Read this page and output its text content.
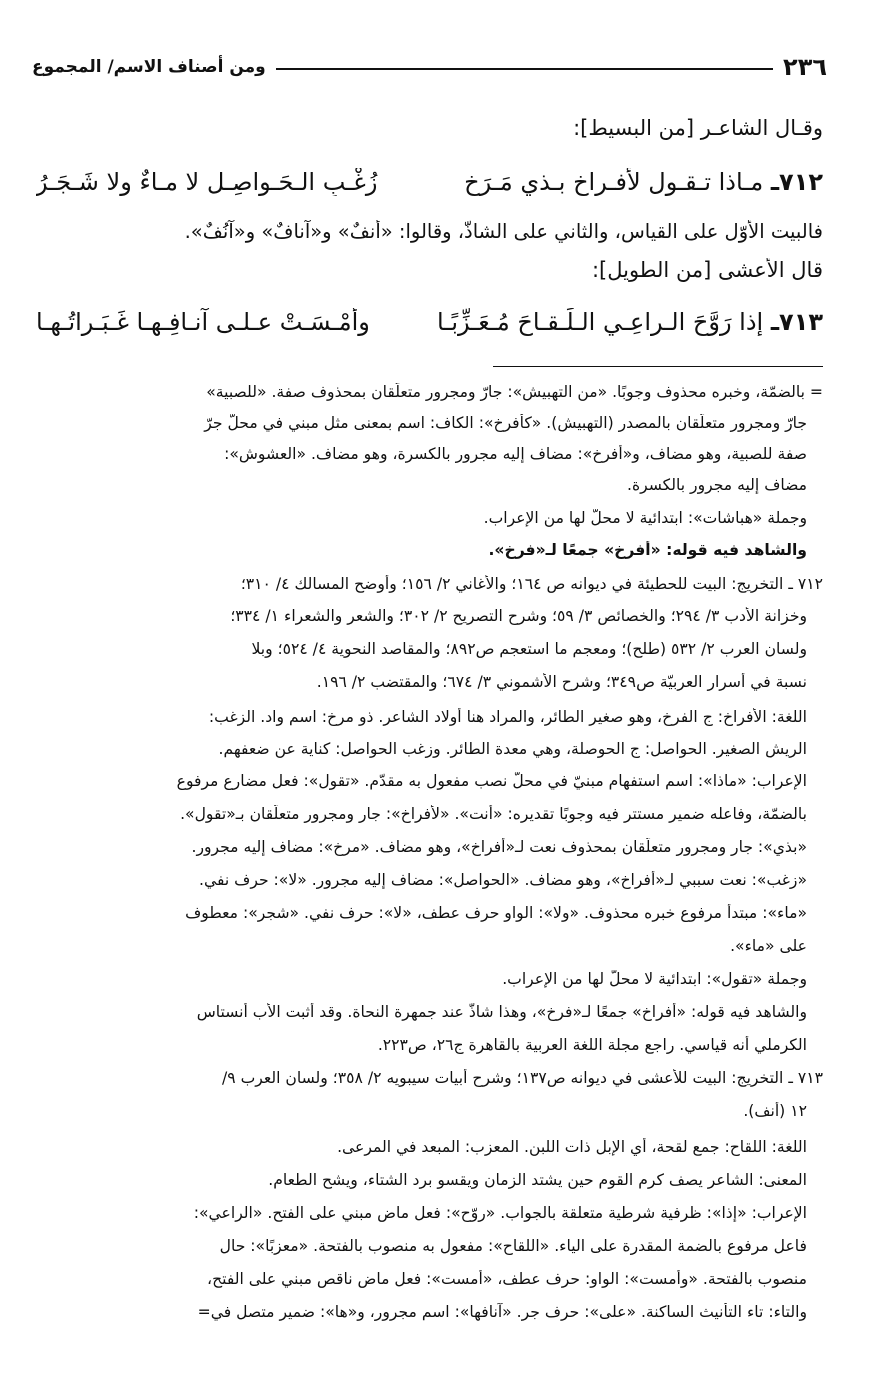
٢٣٦
ومن أصناف الاسم/ المجموع
وقـال الشاعـر [من البسيط]:
٧١٢ـ مـاذا تـقـول لأفـراخ بـذي مَـرَخ
زُغْـبِ الـحَـواصِـلِ لا مـاءٌ ولا شَـجَـرُ
فالبيت الأوّل على القياس، والثاني على الشاذّ، وقالوا: «أنفٌ» و«آنافٌ» و«آنُفٌ».
قال الأعشى [من الطويل]:
٧١٣ـ إذا رَوَّحَ الـراعِـي الـلِّـقـاحَ مُـعَـزِّبًـا
وأمْـسَـتْ عـلـى آنـافِـهـا غَـبَـراتُـهـا
= بالضمّة، وخبره محذوف وجوبًا. «من التهبيش»: جارّ ومجرور متعلّقان بمحذوف صفة. «للصبية»
جارّ ومجرور متعلّقان بالمصدر (التهبيش). «كأفرخ»: الكاف: اسم بمعنى مثل مبني في محلّ جرّ
صفة للصبية، وهو مضاف، و«أفرخ»: مضاف إليه مجرور بالكسرة، وهو مضاف. «العشوش»:
مضاف إليه مجرور بالكسرة.
وجملة «هباشات»: ابتدائية لا محلّ لها من الإعراب.
والشاهد فيه قوله: «أفرخ» جمعًا لـ«فرخ».
٧١٢ ـ التخريج: البيت للحطيئة في ديوانه ص ١٦٤؛ والأغاني ٢/ ١٥٦؛ وأوضح المسالك ٤/ ٣١٠؛
وخزانة الأدب ٣/ ٢٩٤؛ والخصائص ٣/ ٥٩؛ وشرح التصريح ٢/ ٣٠٢؛ والشعر والشعراء ١/ ٣٣٤؛
ولسان العرب ٢/ ٥٣٢ (طلح)؛ ومعجم ما استعجم ص٨٩٢؛ والمقاصد النحوية ٤/ ٥٢٤؛ وبلا
نسبة في أسرار العربيّة ص٣٤٩؛ وشرح الأشموني ٣/ ٦٧٤؛ والمقتضب ٢/ ١٩٦.
اللغة: الأفراخ: ج الفرخ، وهو صغير الطائر، والمراد هنا أولاد الشاعر. ذو مرخ: اسم واد. الزغب:
الريش الصغير. الحواصل: ج الحوصلة، وهي معدة الطائر. وزغب الحواصل: كناية عن ضعفهم.
الإعراب: «ماذا»: اسم استفهام مبنيّ في محلّ نصب مفعول به مقدّم. «تقول»: فعل مضارع مرفوع
بالضمّة، وفاعله ضمير مستتر فيه وجوبًا تقديره: «أنت». «لأفراخ»: جار ومجرور متعلّقان بـ«تقول».
«بذي»: جار ومجرور متعلّقان بمحذوف نعت لـ«أفراخ»، وهو مضاف. «مرخ»: مضاف إليه مجرور.
«زغب»: نعت سببي لـ«أفراخ»، وهو مضاف. «الحواصل»: مضاف إليه مجرور. «لا»: حرف نفي.
«ماء»: مبتدأ مرفوع خبره محذوف. «ولا»: الواو حرف عطف، «لا»: حرف نفي. «شجر»: معطوف
على «ماء».
وجملة «تقول»: ابتدائية لا محلّ لها من الإعراب.
والشاهد فيه قوله: «أفراخ» جمعًا لـ«فرخ»، وهذا شاذّ عند جمهرة النحاة. وقد أثبت الأب أنستاس
الكرملي أنه قياسي. راجع مجلة اللغة العربية بالقاهرة ج٢٦، ص٢٢٣.
٧١٣ ـ التخريج: البيت للأعشى في ديوانه ص١٣٧؛ وشرح أبيات سيبويه ٢/ ٣٥٨؛ ولسان العرب ٩/
١٢ (أنف).
اللغة: اللقاح: جمع لقحة، أي الإبل ذات اللبن. المعزب: المبعد في المرعى.
المعنى: الشاعر يصف كرم القوم حين يشتد الزمان ويقسو برد الشتاء، ويشح الطعام.
الإعراب: «إذا»: ظرفية شرطية متعلقة بالجواب. «روّح»: فعل ماضٍ مبني على الفتح. «الراعي»:
فاعل مرفوع بالضمة المقدرة على الياء. «اللقاح»: مفعول به منصوب بالفتحة. «معزبًا»: حال
منصوب بالفتحة. «وأمست»: الواو: حرف عطف، «أمست»: فعل ماض ناقص مبني على الفتح،
والتاء: تاء التأنيث الساكنة. «على»: حرف جر. «آنافها»: اسم مجرور، و«ها»: ضمير متصل في=
